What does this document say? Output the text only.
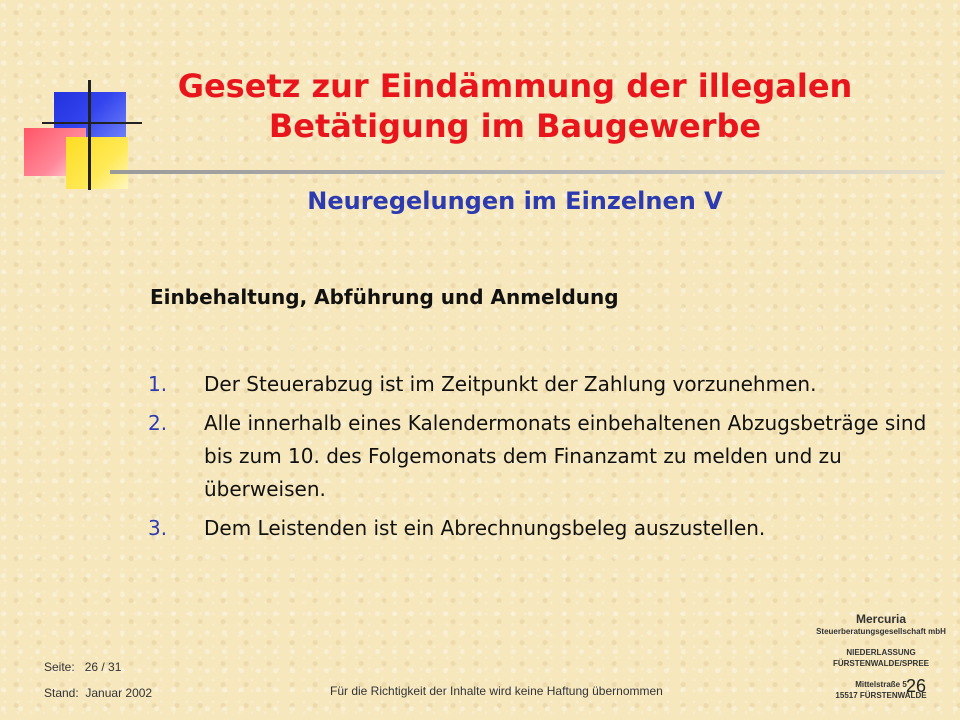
Gesetz zur Eindämmung der illegalen
Betätigung im Baugewerbe
Neuregelungen im Einzelnen V
Einbehaltung, Abführung und Anmeldung
1. Der Steuerabzug ist im Zeitpunkt der Zahlung vorzunehmen.
2. Alle innerhalb eines Kalendermonats einbehaltenen Abzugsbeträge sind bis zum 10. des Folgemonats dem Finanzamt zu melden und zu überweisen.
3. Dem Leistenden ist ein Abrechnungsbeleg auszustellen.
Seite: 26 / 31
Stand: Januar 2002	Für die Richtigkeit der Inhalte wird keine Haftung übernommen
Mercuria
Steuerberatungsgesellschaft mbH
NIEDERLASSUNG
FÜRSTENWALDE/SPREE
Mittelstraße 5
15517 FÜRSTENWALDE
26
